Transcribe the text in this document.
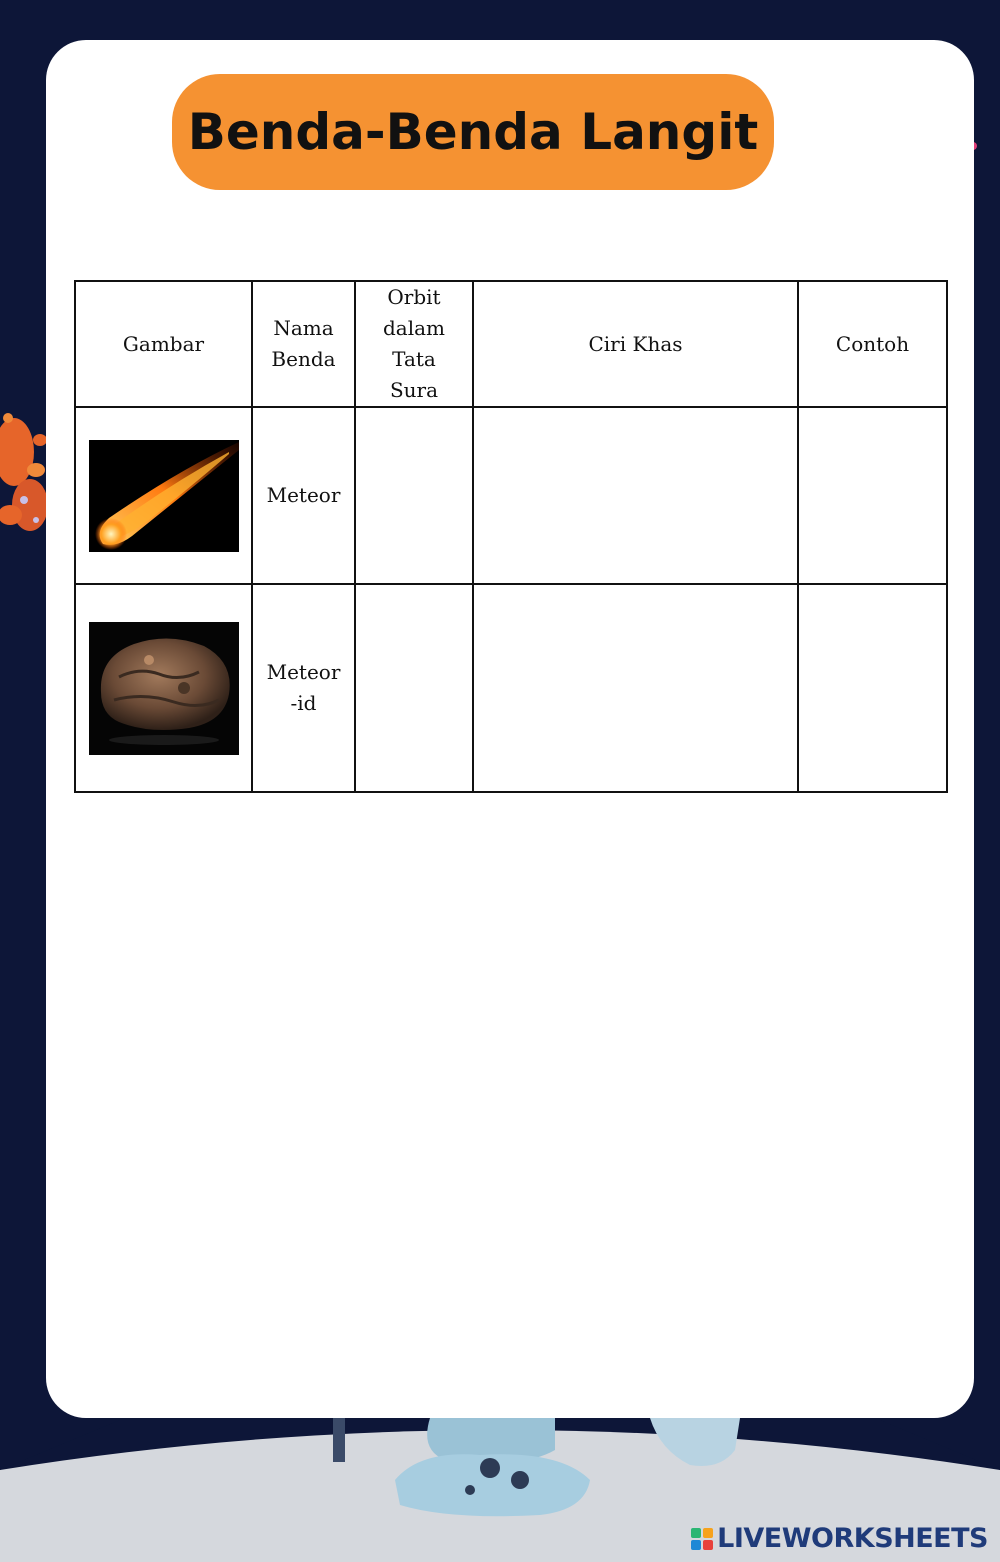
Benda-Benda Langit
Gambar	Nama Benda	Orbit dalam Tata Sura	Ciri Khas	Contoh

	Meteor			

	Meteor-id			
LIVEWORKSHEETS
